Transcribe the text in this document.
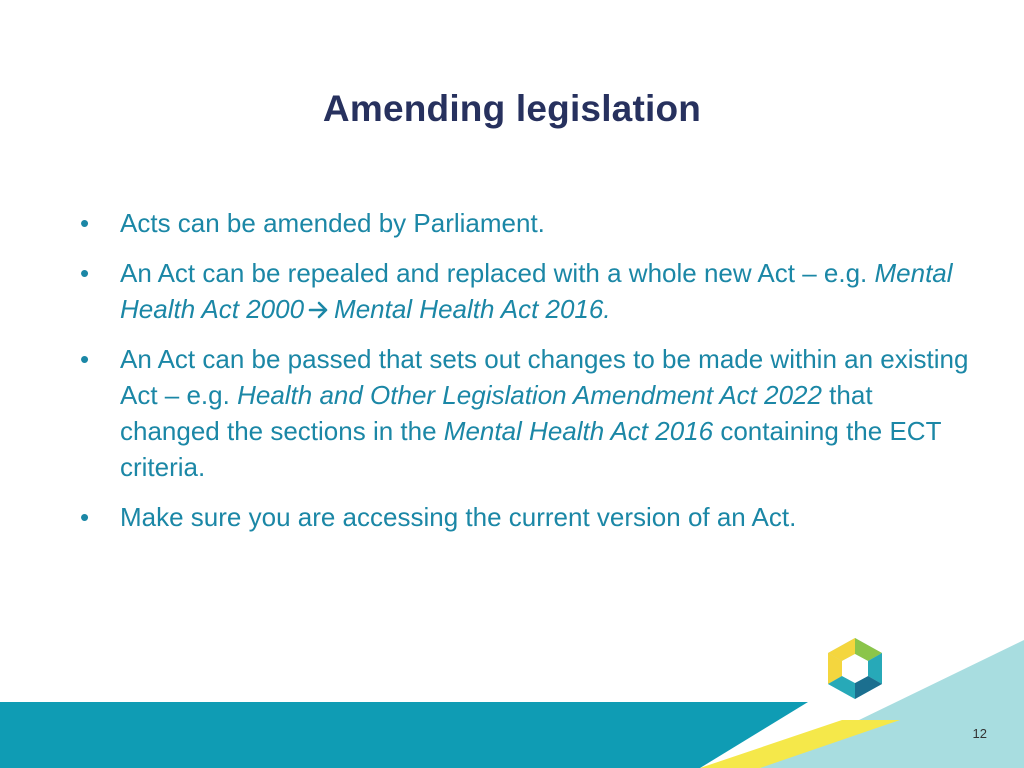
Amending legislation
• Acts can be amended by Parliament.
• An Act can be repealed and replaced with a whole new Act – e.g. Mental Health Act 2000 Mental Health Act 2016.
• An Act can be passed that sets out changes to be made within an existing Act – e.g. Health and Other Legislation Amendment Act 2022 that changed the sections in the Mental Health Act 2016 containing the ECT criteria.
• Make sure you are accessing the current version of an Act.
12
